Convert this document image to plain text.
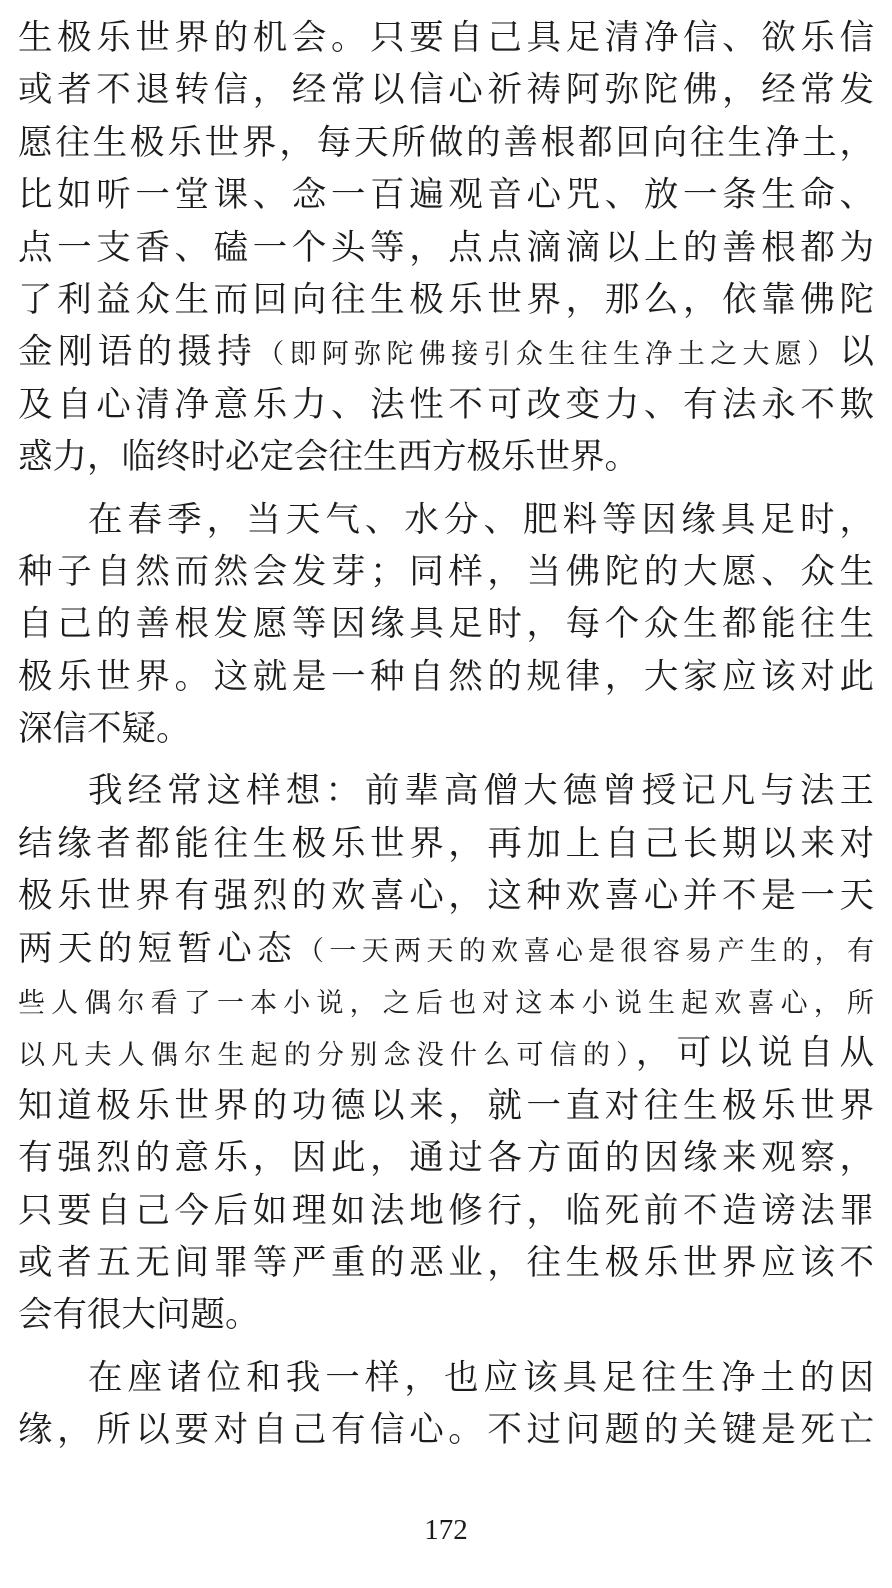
生极乐世界的机会。只要自己具足清净信、欲乐信
或者不退转信，经常以信心祈祷阿弥陀佛，经常发
愿往生极乐世界，每天所做的善根都回向往生净土，
比如听一堂课、念一百遍观音心咒、放一条生命、
点一支香、磕一个头等，点点滴滴以上的善根都为
了利益众生而回向往生极乐世界，那么，依靠佛陀
金刚语的摄持（即阿弥陀佛接引众生往生净土之大愿）以
及自心清净意乐力、法性不可改变力、有法永不欺
惑力，临终时必定会往生西方极乐世界。
在春季，当天气、水分、肥料等因缘具足时，
种子自然而然会发芽；同样，当佛陀的大愿、众生
自己的善根发愿等因缘具足时，每个众生都能往生
极乐世界。这就是一种自然的规律，大家应该对此
深信不疑。
我经常这样想：前辈高僧大德曾授记凡与法王
结缘者都能往生极乐世界，再加上自己长期以来对
极乐世界有强烈的欢喜心，这种欢喜心并不是一天
两天的短暂心态（一天两天的欢喜心是很容易产生的，有
些人偶尔看了一本小说，之后也对这本小说生起欢喜心，所
以凡夫人偶尔生起的分别念没什么可信的），可以说自从
知道极乐世界的功德以来，就一直对往生极乐世界
有强烈的意乐，因此，通过各方面的因缘来观察，
只要自己今后如理如法地修行，临死前不造谤法罪
或者五无间罪等严重的恶业，往生极乐世界应该不
会有很大问题。
在座诸位和我一样，也应该具足往生净土的因
缘，所以要对自己有信心。不过问题的关键是死亡
172
